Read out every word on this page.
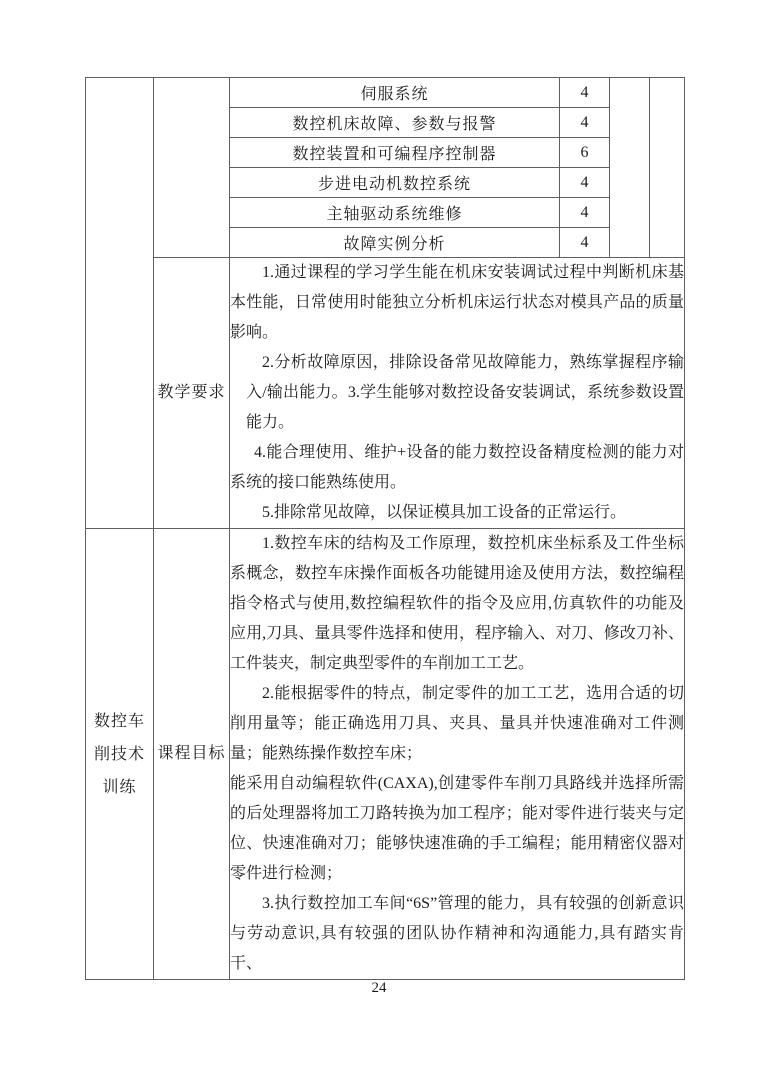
		伺服系统	4		
		数控机床故障、参数与报警	4		
		数控装置和可编程序控制器	6		
		步进电动机数控系统	4		
		主轴驱动系统维修	4		
		故障实例分析	4		
	教学要求	1.通过课程的学习学生能在机床安装调试过程中判断机床基本性能，日常使用时能独立分析机床运行状态对模具产品的质量影响。

2.分析故障原因，排除设备常见故障能力，熟练掌握程序输入/输出能力。3.学生能够对数控设备安装调试，系统参数设置能力。

4.能合理使用、维护+设备的能力数控设备精度检测的能力对系统的接口能熟练使用。

5.排除常见故障，以保证模具加工设备的正常运行。			

数控车削技术训练	课程目标	1.数控车床的结构及工作原理，数控机床坐标系及工件坐标系概念，数控车床操作面板各功能键用途及使用方法，数控编程指令格式与使用,数控编程软件的指令及应用,仿真软件的功能及应用,刀具、量具零件选择和使用，程序输入、对刀、修改刀补、工件装夹，制定典型零件的车削加工工艺。

2.能根据零件的特点，制定零件的加工工艺，选用合适的切削用量等；能正确选用刀具、夹具、量具并快速准确对工件测量；能熟练操作数控车床；

能采用自动编程软件(CAXA),创建零件车削刀具路线并选择所需的后处理器将加工刀路转换为加工程序；能对零件进行装夹与定位、快速准确对刀；能够快速准确的手工编程；能用精密仪器对零件进行检测；

3.执行数控加工车间“6S”管理的能力，具有较强的创新意识与劳动意识,具有较强的团队协作精神和沟通能力,具有踏实肯干、			

24
